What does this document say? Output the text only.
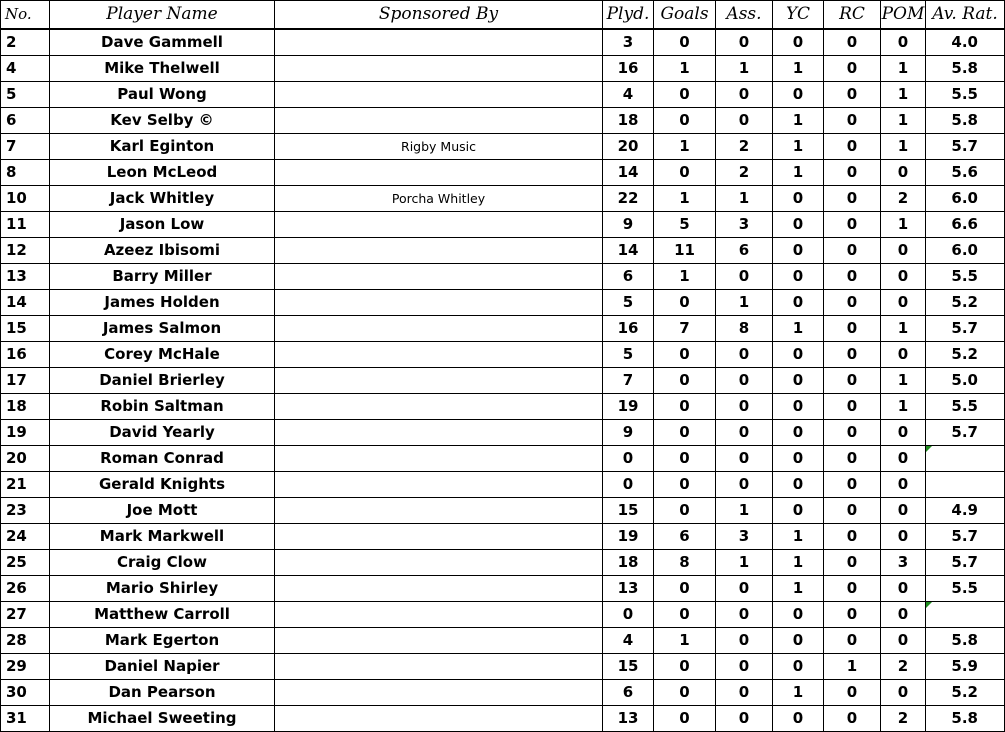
No.	Player Name	Sponsored By	Plyd.	Goals	Ass.	YC	RC	POM	Av. Rat.
2	Dave Gammell		3	0	0	0	0	0	4.0
4	Mike Thelwell		16	1	1	1	0	1	5.8
5	Paul Wong		4	0	0	0	0	1	5.5
6	Kev Selby ©		18	0	0	1	0	1	5.8
7	Karl Eginton	Rigby Music	20	1	2	1	0	1	5.7
8	Leon McLeod		14	0	2	1	0	0	5.6
10	Jack Whitley	Porcha Whitley	22	1	1	0	0	2	6.0
11	Jason Low		9	5	3	0	0	1	6.6
12	Azeez Ibisomi		14	11	6	0	0	0	6.0
13	Barry Miller		6	1	0	0	0	0	5.5
14	James Holden		5	0	1	0	0	0	5.2
15	James Salmon		16	7	8	1	0	1	5.7
16	Corey McHale		5	0	0	0	0	0	5.2
17	Daniel Brierley		7	0	0	0	0	1	5.0
18	Robin Saltman		19	0	0	0	0	1	5.5
19	David Yearly		9	0	0	0	0	0	5.7
20	Roman Conrad		0	0	0	0	0	0	

21	Gerald Knights		0	0	0	0	0	0	
23	Joe Mott		15	0	1	0	0	0	4.9
24	Mark Markwell		19	6	3	1	0	0	5.7
25	Craig Clow		18	8	1	1	0	3	5.7
26	Mario Shirley		13	0	0	1	0	0	5.5
27	Matthew Carroll		0	0	0	0	0	0	

28	Mark Egerton		4	1	0	0	0	0	5.8
29	Daniel Napier		15	0	0	0	1	2	5.9
30	Dan Pearson		6	0	0	1	0	0	5.2
31	Michael Sweeting		13	0	0	0	0	2	5.8
